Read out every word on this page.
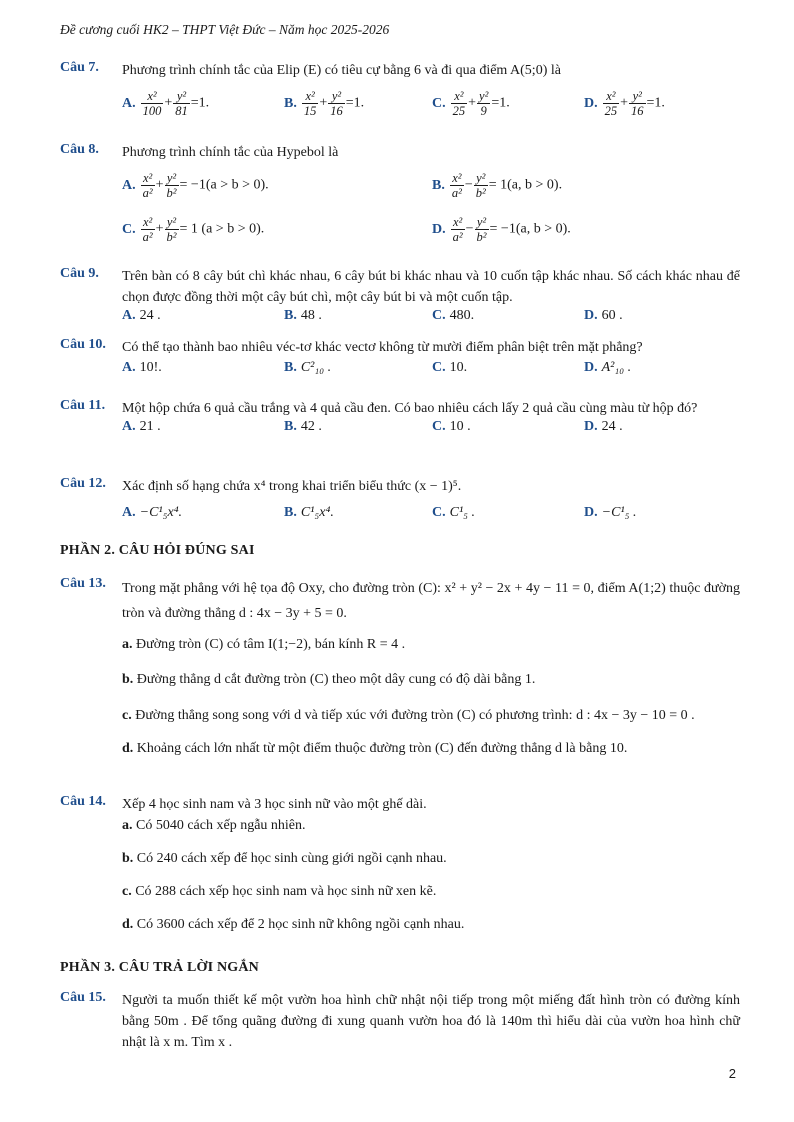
Đề cương cuối HK2 – THPT Việt Đức – Năm học 2025-2026
Câu 7. Phương trình chính tắc của Elip (E) có tiêu cự bằng 6 và đi qua điểm A(5;0) là
A. $\frac{\text{x²}}{100} + \frac{\text{y²}}{81} =1$.	B. $\frac{\text{x²}}{15} + \frac{\text{y²}}{16} =1$.	C. $\frac{\text{x²}}{25} + \frac{\text{y²}}{9} =1$.	D. $\frac{\text{x²}}{25} + \frac{\text{y²}}{16} =1$.
Câu 8. Phương trình chính tắc của Hypebol là
A. $\frac{\text{x²}}{\text{a²}} + \frac{\text{y²}}{\text{b²}} = -1(a > b > 0)$.	B. $\frac{\text{x²}}{\text{a²}} - \frac{\text{y²}}{\text{b²}} = 1(a$, b > 0).
C. $\frac{\text{x²}}{\text{a²}} + \frac{\text{y²}}{\text{b²}} = 1$ (a > b > 0).	D. $\frac{\text{x²}}{\text{a²}} - \frac{\text{y²}}{\text{b²}} = -1(a$, b > 0).
Câu 9. Trên bàn có 8 cây bút chì khác nhau, 6 cây bút bi khác nhau và 10 cuốn tập khác nhau. Số cách khác nhau để chọn được đồng thời một cây bút chì, một cây bút bi và một cuốn tập.
A. 24 .	B. 48 .	C. 480.	D. 60 .
Câu 10. Có thể tạo thành bao nhiêu véc-tơ khác vectơ không từ mười điểm phân biệt trên mặt phẳng?
A. 10!.	B. C²₁₀ .	C. 10.	D. A²₁₀ .
Câu 11. Một hộp chứa 6 quả cầu trắng và 4 quả cầu đen. Có bao nhiêu cách lấy 2 quả cầu cùng màu từ hộp đó?
A. 21 .	B. 42 .	C. 10 .	D. 24 .
Câu 12. Xác định số hạng chứa x⁴ trong khai triển biểu thức (x − 1)⁵.
A. −C¹₅x⁴.	B. C¹₅x⁴.	C. C¹₅ .	D. −C¹₅ .
PHẦN 2. CÂU HỎI ĐÚNG SAI
Câu 13. Trong mặt phẳng với hệ tọa độ Oxy, cho đường tròn (C): x² + y² − 2x + 4y − 11 = 0, điểm A(1;2) thuộc đường tròn và đường thẳng d : 4x − 3y + 5 = 0.
a. Đường tròn (C) có tâm I(1;−2), bán kính R = 4 .
b. Đường thẳng d cắt đường tròn (C) theo một dây cung có độ dài bằng 1.
c. Đường thẳng song song với d và tiếp xúc với đường tròn (C) có phương trình: d : 4x − 3y − 10 = 0 .
d. Khoảng cách lớn nhất từ một điểm thuộc đường tròn (C) đến đường thẳng d là bằng 10.
Câu 14. Xếp 4 học sinh nam và 3 học sinh nữ vào một ghế dài.
a. Có 5040 cách xếp ngẫu nhiên.
b. Có 240 cách xếp để học sinh cùng giới ngồi cạnh nhau.
c. Có 288 cách xếp học sinh nam và học sinh nữ xen kẽ.
d. Có 3600 cách xếp để 2 học sinh nữ không ngồi cạnh nhau.
PHẦN 3. CÂU TRẢ LỜI NGẮN
Câu 15. Người ta muốn thiết kế một vườn hoa hình chữ nhật nội tiếp trong một miếng đất hình tròn có đường kính bằng 50m . Để tổng quãng đường đi xung quanh vườn hoa đó là 140m thì hiểu dài của vườn hoa hình chữ nhật là x m. Tìm x .
2
